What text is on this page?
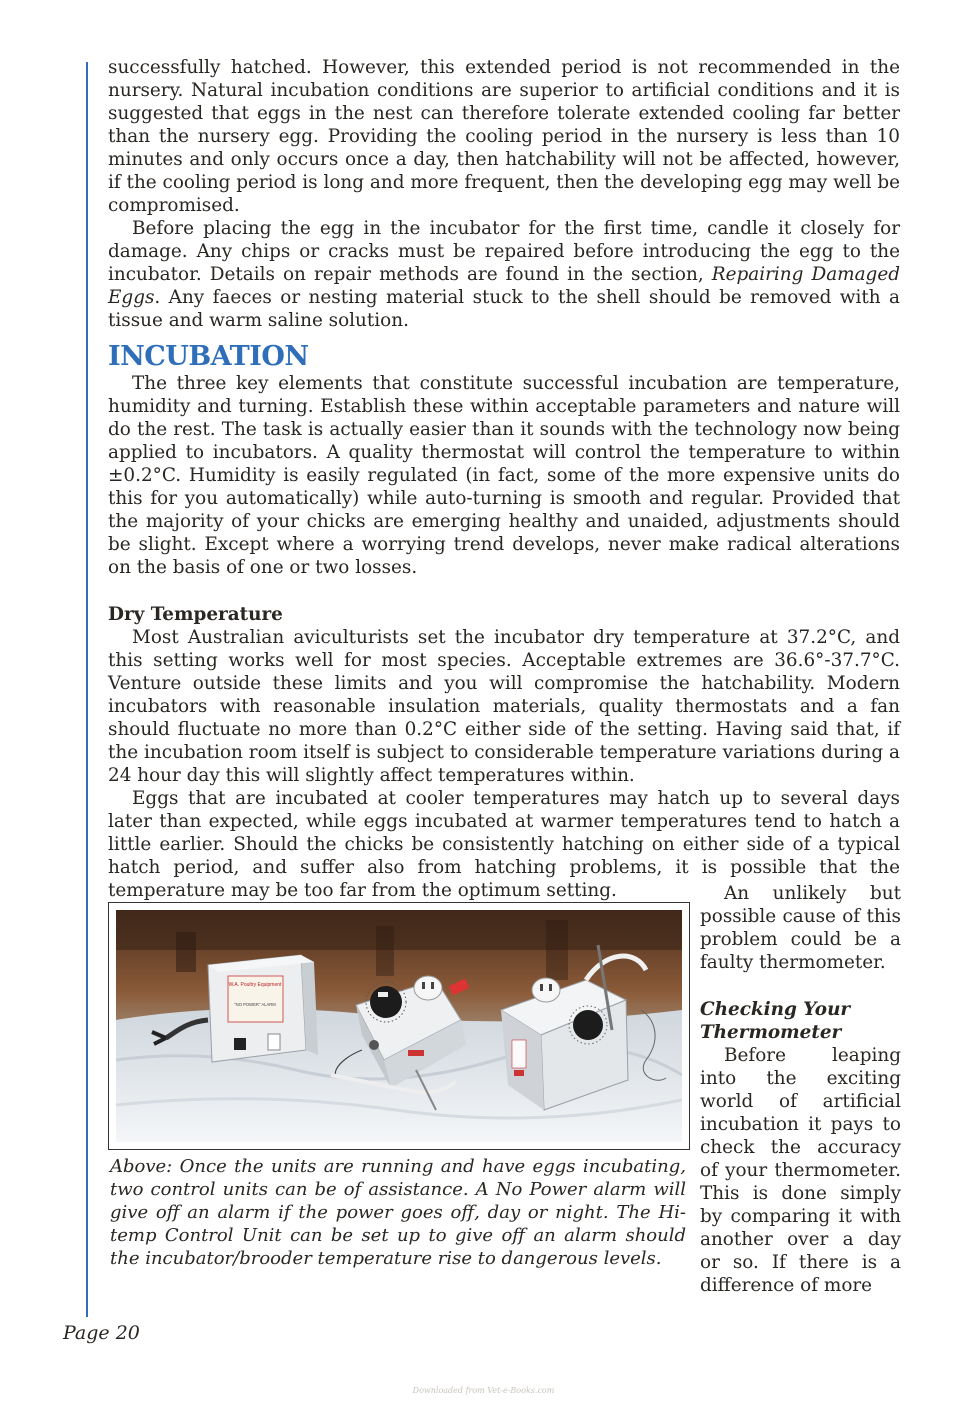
successfully hatched. However, this extended period is not recommended in the nursery. Natural incubation conditions are superior to artificial conditions and it is suggested that eggs in the nest can therefore tolerate extended cooling far better than the nursery egg. Providing the cooling period in the nursery is less than 10 minutes and only occurs once a day, then hatchability will not be affected, however, if the cooling period is long and more frequent, then the developing egg may well be compromised.

Before placing the egg in the incubator for the first time, candle it closely for damage. Any chips or cracks must be repaired before introducing the egg to the incubator. Details on repair methods are found in the section, Repairing Damaged Eggs. Any faeces or nesting material stuck to the shell should be removed with a tissue and warm saline solution.

INCUBATION

The three key elements that constitute successful incubation are temperature, humidity and turning. Establish these within acceptable parameters and nature will do the rest. The task is actually easier than it sounds with the technology now being applied to incubators. A quality thermostat will control the temperature to within ±0.2°C. Humidity is easily regulated (in fact, some of the more expensive units do this for you automatically) while auto-turning is smooth and regular. Provided that the majority of your chicks are emerging healthy and unaided, adjustments should be slight. Except where a worrying trend develops, never make radical alterations on the basis of one or two losses.

Dry Temperature

Most Australian aviculturists set the incubator dry temperature at 37.2°C, and this setting works well for most species. Acceptable extremes are 36.6°-37.7°C. Venture outside these limits and you will compromise the hatchability. Modern incubators with reasonable insulation materials, quality thermostats and a fan should fluctuate no more than 0.2°C either side of the setting. Having said that, if the incubation room itself is subject to considerable temperature variations during a 24 hour day this will slightly affect temperatures within.

Eggs that are incubated at cooler temperatures may hatch up to several days later than expected, while eggs incubated at warmer temperatures tend to hatch a little earlier. Should the chicks be consistently hatching on either side of a typical hatch period, and suffer also from hatching problems, it is possible that the temperature may be too far from the optimum setting.

W.A. Poultry Equipment
"NO POWER" ALARM
Above: Once the units are running and have eggs incubating, two control units can be of assistance. A No Power alarm will give off an alarm if the power goes off, day or night. The Hi-temp Control Unit can be set up to give off an alarm should the incubator/brooder temperature rise to dangerous levels.

An unlikely but possible cause of this problem could be a faulty thermometer.

Checking Your Thermometer

Before leaping into the exciting world of artificial incubation it pays to check the accuracy of your thermometer. This is done simply by comparing it with another over a day or so. If there is a difference of more

Page 20
Downloaded from Vet-e-Books.com
